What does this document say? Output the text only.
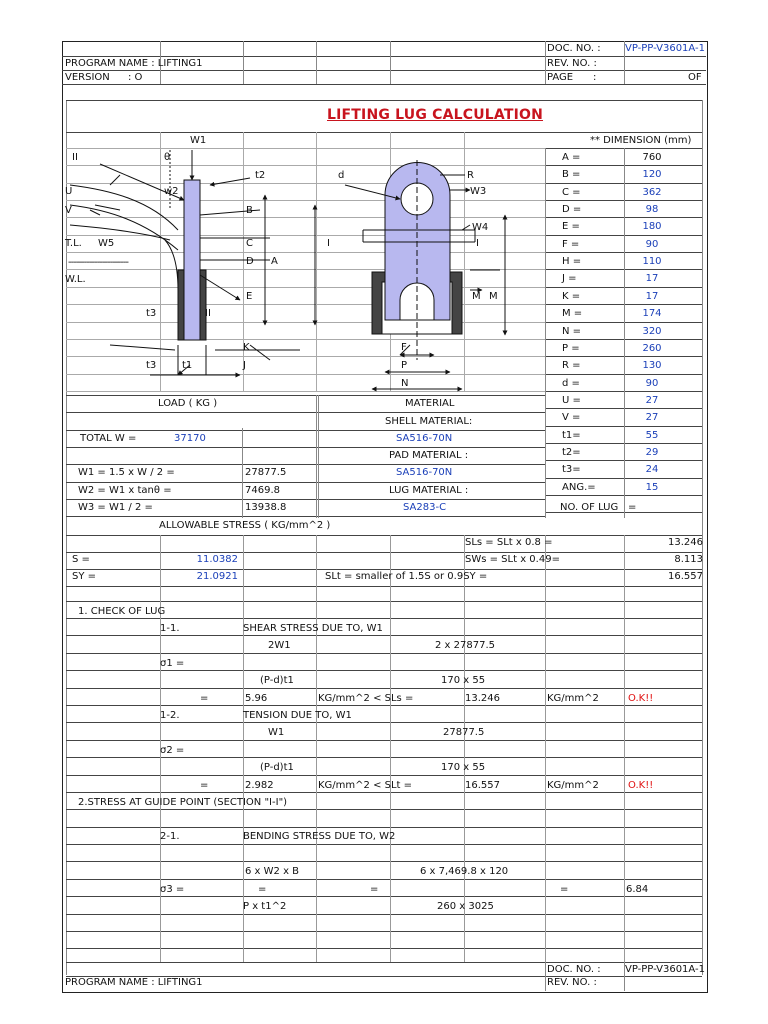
DOC. NO. : VP-PP-V3601A-1
PROGRAM NAME : LIFTING1	REV. NO. :
VERSION : O	PAGE :	OF
LIFTING LUG CALCULATION
W1
II	θ
U
V
w2
t2
B
C
D A
E
T.L. W5
-----------------------
W.L.
t3	II
t3	t1
K
J
d	R
W3
W4
I	I
M M
F
P
N
** DIMENSION (mm)
A =	760
B =	120
C =	362
D =	98
E =	180
F =	90
H =	110
J =	17
K =	17
M =	174
N =	320
P =	260
R =	130
d =	90
U =	27
V =	27
t1=	55
t2=	29
t3=	24
ANG.=	15
NO. OF LUG =
LOAD ( KG )
TOTAL W =	37170
W1 = 1.5 x W / 2 =	27877.5
W2 = W1 x tanθ =	7469.8
W3 = W1 / 2 =	13938.8
MATERIAL
SHELL MATERIAL:
SA516-70N
PAD MATERIAL :
SA516-70N
LUG MATERIAL :
SA283-C
ALLOWABLE STRESS ( KG/mm^2 )
SLs = SLt x 0.8 =	13.246
S =	11.0382	SWs = SLt x 0.49=	8.113
SY =	21.0921	SLt = smaller of 1.5S or 0.9SY =	16.557
1. CHECK OF LUG
1-1.	SHEAR STRESS DUE TO, W1
2W1	2 x 27877.5
σ1 =
(P-d)t1	170 x 55
=	5.96	KG/mm^2 < SLs =	13.246	KG/mm^2	O.K!!
1-2.	TENSION DUE TO, W1
W1	27877.5
σ2 =
(P-d)t1	170 x 55
=	2.982	KG/mm^2 < SLt =	16.557	KG/mm^2	O.K!!
2.STRESS AT GUIDE POINT (SECTION "I-I")
2-1.	BENDING STRESS DUE TO, W2
6 x W2 x B	6 x 7,469.8 x 120
σ3 =	=	=	=	6.84
P x t1^2	260 x 3025
DOC. NO. : VP-PP-V3601A-1
PROGRAM NAME : LIFTING1	REV. NO. :
